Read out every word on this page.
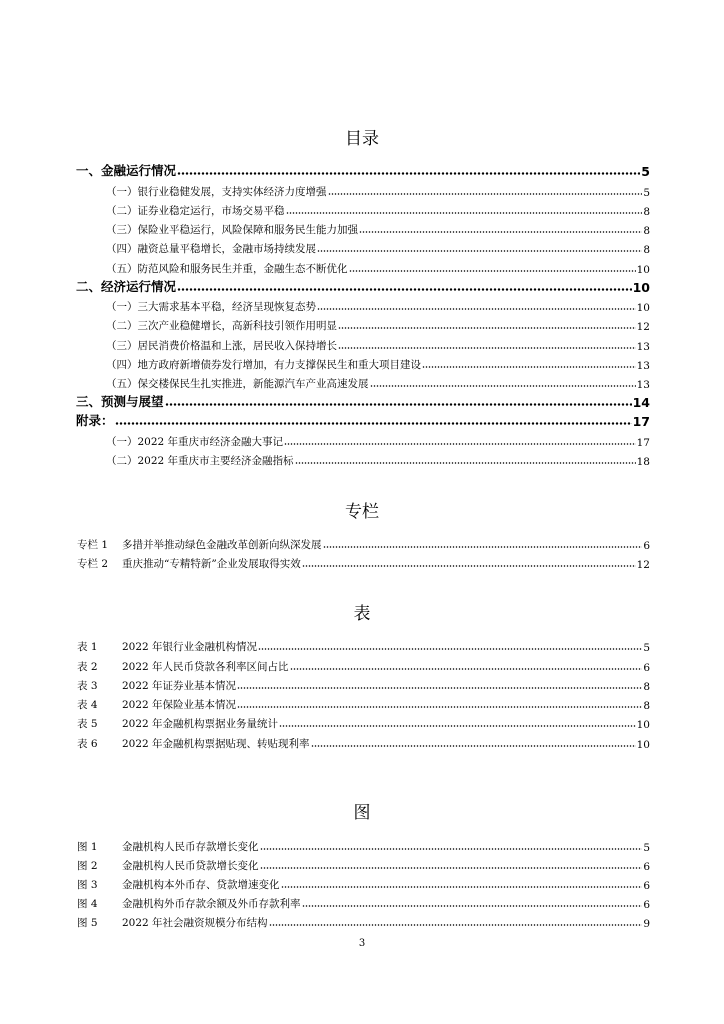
目录
一、金融运行情况	5
（一）银行业稳健发展，支持实体经济力度增强	5
（二）证券业稳定运行，市场交易平稳	8
（三）保险业平稳运行，风险保障和服务民生能力加强	8
（四）融资总量平稳增长，金融市场持续发展	8
（五）防范风险和服务民生并重，金融生态不断优化	10
二、经济运行情况	10
（一）三大需求基本平稳，经济呈现恢复态势	10
（二）三次产业稳健增长，高新科技引领作用明显	12
（三）居民消费价格温和上涨，居民收入保持增长	13
（四）地方政府新增债券发行增加，有力支撑保民生和重大项目建设	13
（五）保交楼保民生扎实推进，新能源汽车产业高速发展	13
三、预测与展望	14
附录：	17
（一）2022 年重庆市经济金融大事记	17
（二）2022 年重庆市主要经济金融指标	18
专栏
专栏 1 多措并举推动绿色金融改革创新向纵深发展	6
专栏 2 重庆推动“专精特新”企业发展取得实效	12
表
表 1 2022 年银行业金融机构情况	5
表 2 2022 年人民币贷款各利率区间占比	6
表 3 2022 年证券业基本情况	8
表 4 2022 年保险业基本情况	8
表 5 2022 年金融机构票据业务量统计	10
表 6 2022 年金融机构票据贴现、转贴现利率	10
图
图 1 金融机构人民币存款增长变化	5
图 2 金融机构人民币贷款增长变化	6
图 3 金融机构本外币存、贷款增速变化	6
图 4 金融机构外币存款余额及外币存款利率	6
图 5 2022 年社会融资规模分布结构	9
3
